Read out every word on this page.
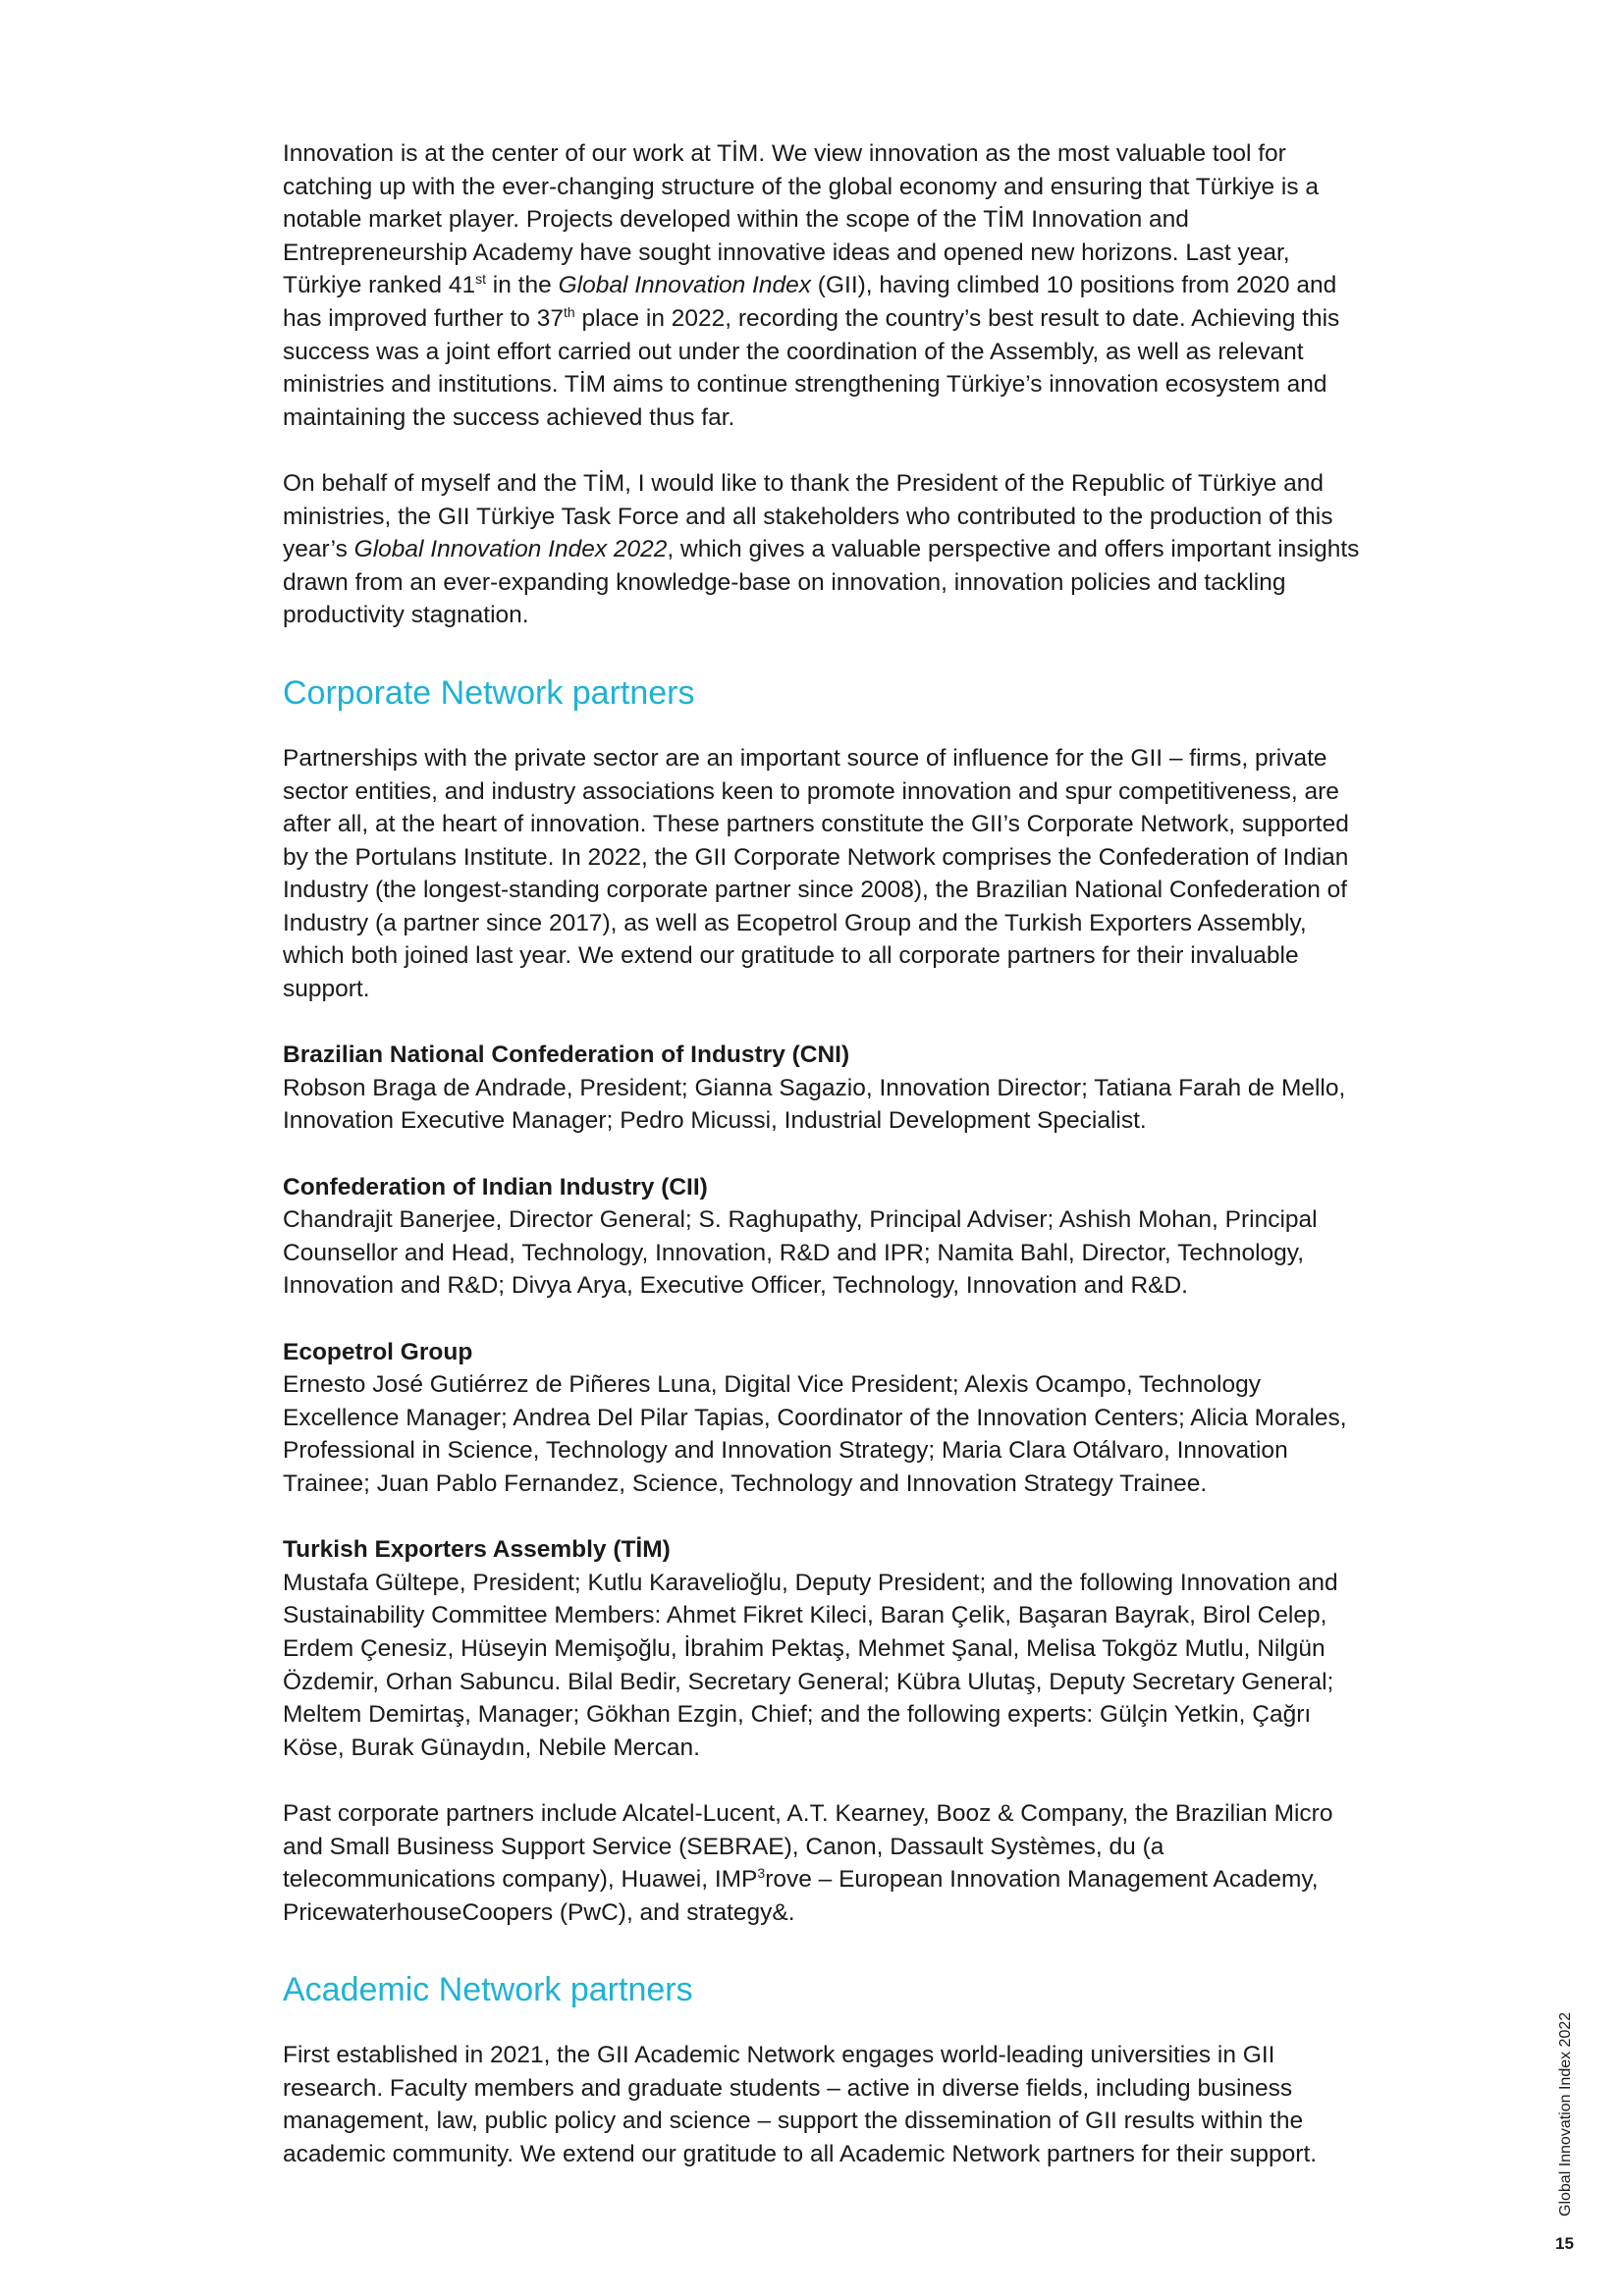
Innovation is at the center of our work at TİM. We view innovation as the most valuable tool for catching up with the ever-changing structure of the global economy and ensuring that Türkiye is a notable market player. Projects developed within the scope of the TİM Innovation and Entrepreneurship Academy have sought innovative ideas and opened new horizons. Last year, Türkiye ranked 41st in the Global Innovation Index (GII), having climbed 10 positions from 2020 and has improved further to 37th place in 2022, recording the country’s best result to date. Achieving this success was a joint effort carried out under the coordination of the Assembly, as well as relevant ministries and institutions. TİM aims to continue strengthening Türkiye’s innovation ecosystem and maintaining the success achieved thus far.

On behalf of myself and the TİM, I would like to thank the President of the Republic of Türkiye and ministries, the GII Türkiye Task Force and all stakeholders who contributed to the production of this year’s Global Innovation Index 2022, which gives a valuable perspective and offers important insights drawn from an ever-expanding knowledge-base on innovation, innovation policies and tackling productivity stagnation.

Corporate Network partners

Partnerships with the private sector are an important source of influence for the GII – firms, private sector entities, and industry associations keen to promote innovation and spur competitiveness, are after all, at the heart of innovation. These partners constitute the GII’s Corporate Network, supported by the Portulans Institute. In 2022, the GII Corporate Network comprises the Confederation of Indian Industry (the longest-standing corporate partner since 2008), the Brazilian National Confederation of Industry (a partner since 2017), as well as Ecopetrol Group and the Turkish Exporters Assembly, which both joined last year. We extend our gratitude to all corporate partners for their invaluable support.

Brazilian National Confederation of Industry (CNI)
Robson Braga de Andrade, President; Gianna Sagazio, Innovation Director; Tatiana Farah de Mello, Innovation Executive Manager; Pedro Micussi, Industrial Development Specialist.
Confederation of Indian Industry (CII)
Chandrajit Banerjee, Director General; S. Raghupathy, Principal Adviser; Ashish Mohan, Principal Counsellor and Head, Technology, Innovation, R&D and IPR; Namita Bahl, Director, Technology, Innovation and R&D; Divya Arya, Executive Officer, Technology, Innovation and R&D.
Ecopetrol Group
Ernesto José Gutiérrez de Piñeres Luna, Digital Vice President; Alexis Ocampo, Technology Excellence Manager; Andrea Del Pilar Tapias, Coordinator of the Innovation Centers; Alicia Morales, Professional in Science, Technology and Innovation Strategy; Maria Clara Otálvaro, Innovation Trainee; Juan Pablo Fernandez, Science, Technology and Innovation Strategy Trainee.
Turkish Exporters Assembly (TİM)
Mustafa Gültepe, President; Kutlu Karavelioğlu, Deputy President; and the following Innovation and Sustainability Committee Members: Ahmet Fikret Kileci, Baran Çelik, Başaran Bayrak, Birol Celep, Erdem Çenesiz, Hüseyin Memişoğlu, İbrahim Pektaş, Mehmet Şanal, Melisa Tokgöz Mutlu, Nilgün Özdemir, Orhan Sabuncu. Bilal Bedir, Secretary General; Kübra Ulutaş, Deputy Secretary General; Meltem Demirtaş, Manager; Gökhan Ezgin, Chief; and the following experts: Gülçin Yetkin, Çağrı Köse, Burak Günaydın, Nebile Mercan.

Past corporate partners include Alcatel-Lucent, A.T. Kearney, Booz & Company, the Brazilian Micro and Small Business Support Service (SEBRAE), Canon, Dassault Systèmes, du (a telecommunications company), Huawei, IMP$^3$rove – European Innovation Management Academy, PricewaterhouseCoopers (PwC), and strategy&.

Academic Network partners

First established in 2021, the GII Academic Network engages world-leading universities in GII research. Faculty members and graduate students – active in diverse fields, including business management, law, public policy and science – support the dissemination of GII results within the academic community. We extend our gratitude to all Academic Network partners for their support.	Global Innovation Index 2022
15
